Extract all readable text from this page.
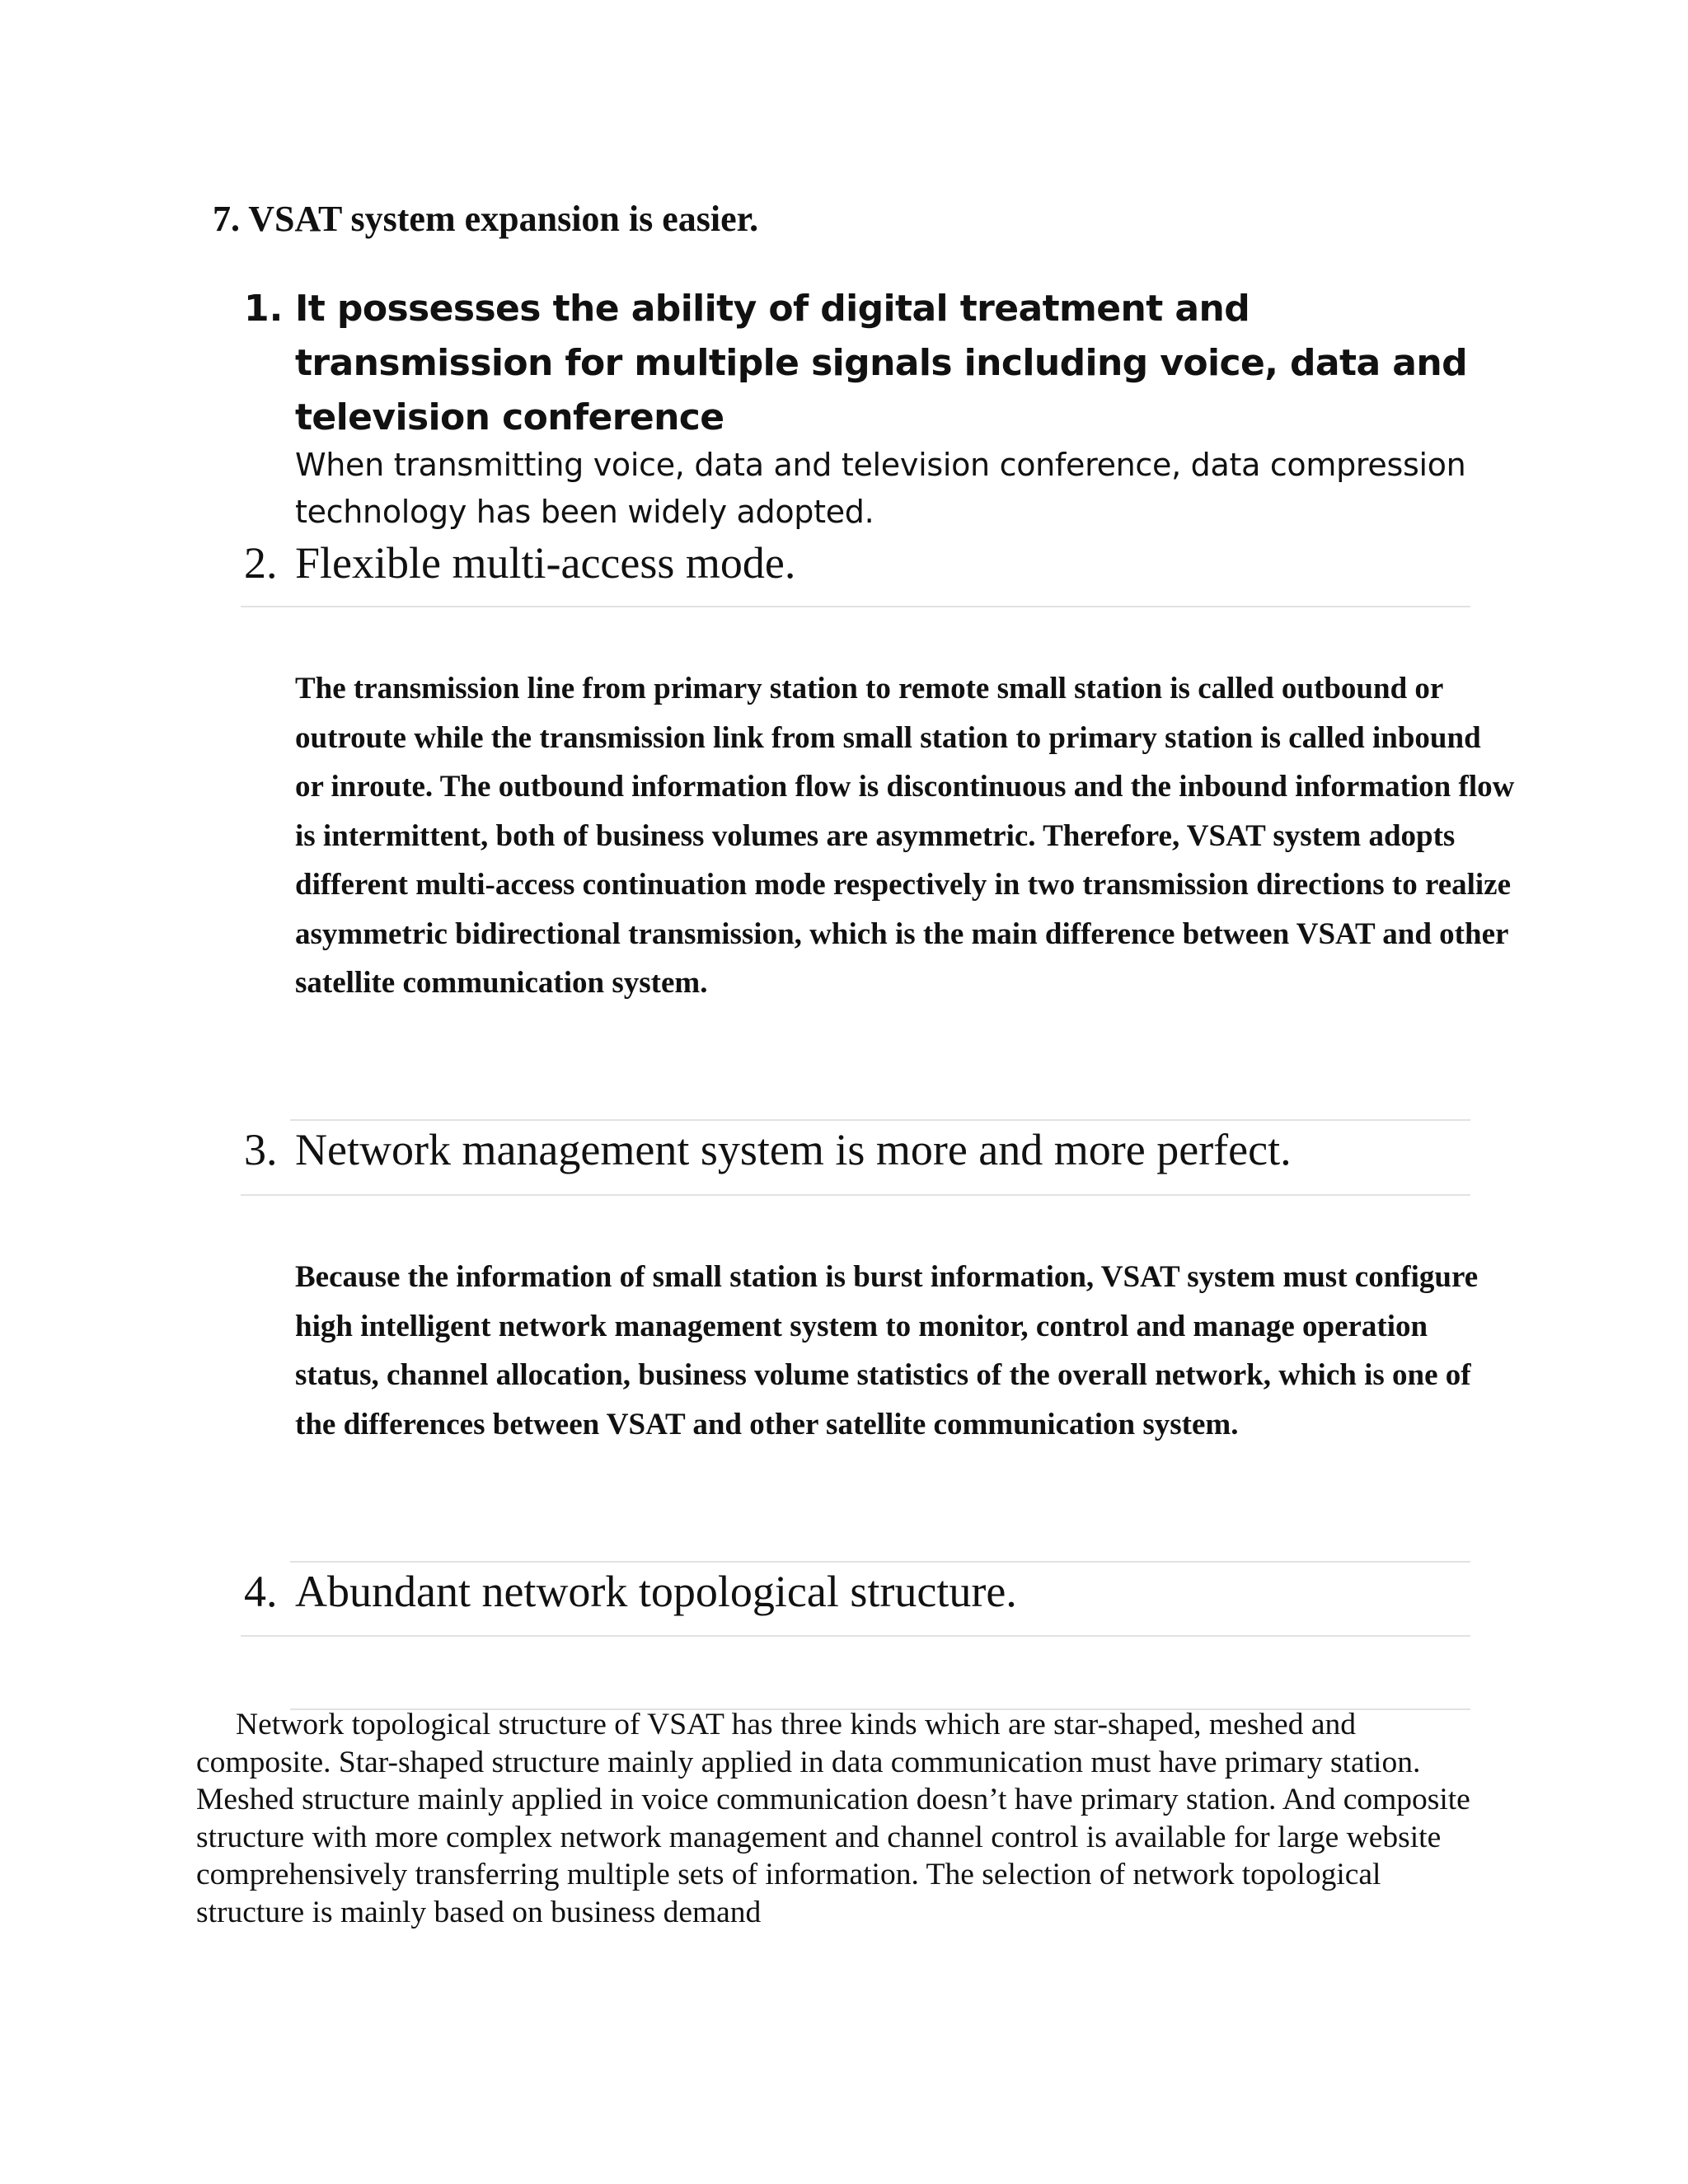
7. VSAT system expansion is easier.
1. It possesses the ability of digital treatment and transmission for multiple signals including voice, data and television conference
When transmitting voice, data and television conference, data compression technology has been widely adopted.
2. Flexible multi-access mode.
The transmission line from primary station to remote small station is called outbound or outroute while the transmission link from small station to primary station is called inbound or inroute. The outbound information flow is discontinuous and the inbound information flow is intermittent, both of business volumes are asymmetric. Therefore, VSAT system adopts different multi-access continuation mode respectively in two transmission directions to realize asymmetric bidirectional transmission, which is the main difference between VSAT and other satellite communication system.
3. Network management system is more and more perfect.
Because the information of small station is burst information, VSAT system must configure high intelligent network management system to monitor, control and manage operation status, channel allocation, business volume statistics of the overall network, which is one of the differences between VSAT and other satellite communication system.
4. Abundant network topological structure.
Network topological structure of VSAT has three kinds which are star-shaped, meshed and composite. Star-shaped structure mainly applied in data communication must have primary station. Meshed structure mainly applied in voice communication doesn’t have primary station. And composite structure with more complex network management and channel control is available for large website comprehensively transferring multiple sets of information. The selection of network topological structure is mainly based on business demand
